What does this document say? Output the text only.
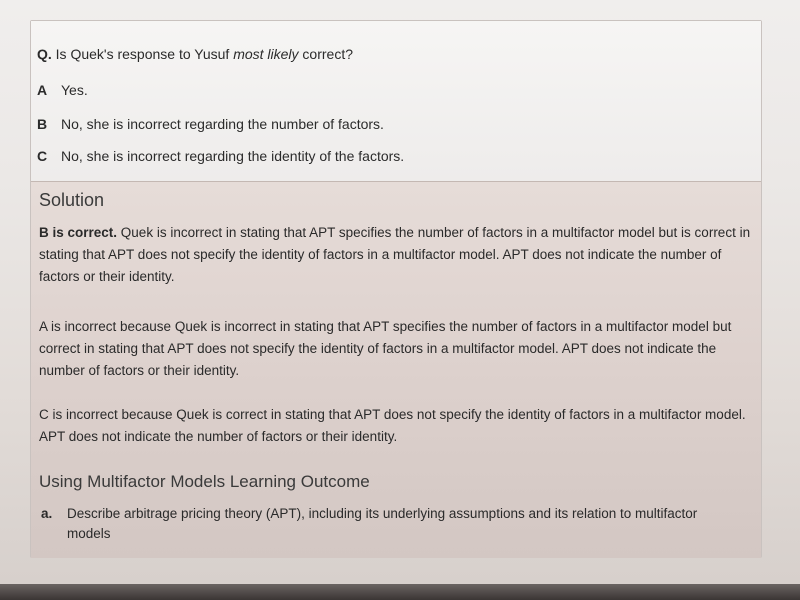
Q. Is Quek's response to Yusuf most likely correct?
A Yes.
B No, she is incorrect regarding the number of factors.
C No, she is incorrect regarding the identity of the factors.
Solution
B is correct. Quek is incorrect in stating that APT specifies the number of factors in a multifactor model but is correct in stating that APT does not specify the identity of factors in a multifactor model. APT does not indicate the number of factors or their identity.
A is incorrect because Quek is incorrect in stating that APT specifies the number of factors in a multifactor model but correct in stating that APT does not specify the identity of factors in a multifactor model. APT does not indicate the number of factors or their identity.
C is incorrect because Quek is correct in stating that APT does not specify the identity of factors in a multifactor model. APT does not indicate the number of factors or their identity.
Using Multifactor Models Learning Outcome
a. Describe arbitrage pricing theory (APT), including its underlying assumptions and its relation to multifactor models
